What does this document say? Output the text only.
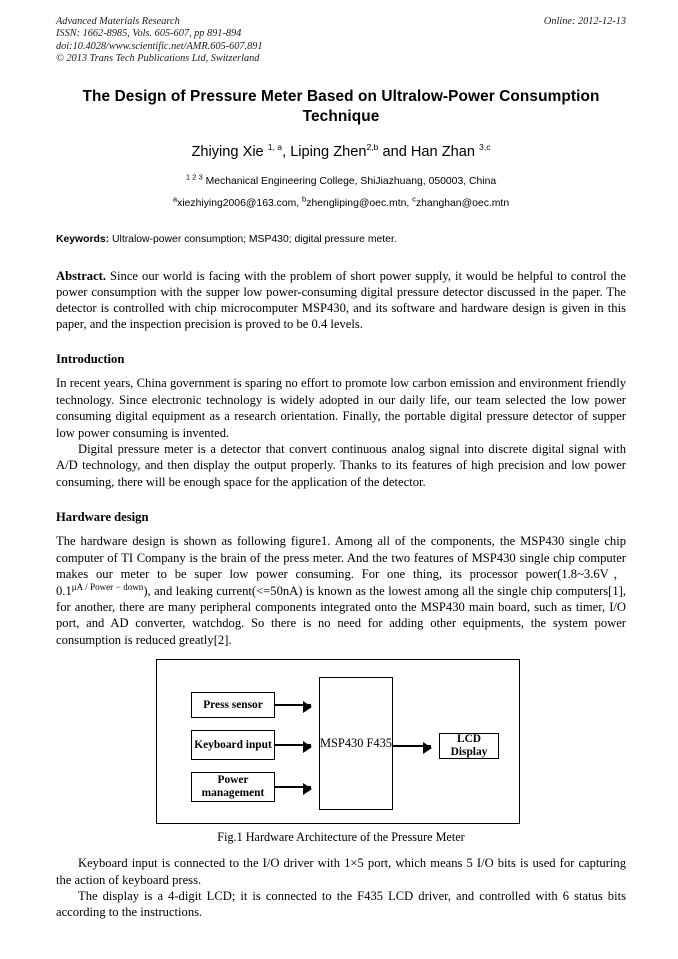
Online: 2012-12-13
Advanced Materials Research
ISSN: 1662-8985, Vols. 605-607, pp 891-894
doi:10.4028/www.scientific.net/AMR.605-607.891
© 2013 Trans Tech Publications Ltd, Switzerland
The Design of Pressure Meter Based on Ultralow-Power Consumption Technique
Zhiying Xie $^{1, a}$, Liping Zhen$^{2,b}$ and Han Zhan $^{3,c}$
$^{1 2 3}$ Mechanical Engineering College, ShiJiazhuang, 050003, China
$^a$xiezhiying2006@163.com, $^b$zhengliping@oec.mtn, $^c$zhanghan@oec.mtn
Keywords: Ultralow-power consumption; MSP430; digital pressure meter.
Abstract. Since our world is facing with the problem of short power supply, it would be helpful to control the power consumption with the supper low power-consuming digital pressure detector discussed in the paper. The detector is controlled with chip microcomputer MSP430, and its software and hardware design is given in this paper, and the inspection precision is proved to be 0.4 levels.
Introduction
In recent years, China government is sparing no effort to promote low carbon emission and environment friendly technology. Since electronic technology is widely adopted in our daily life, our team selected the low power consuming digital equipment as a research orientation. Finally, the portable digital pressure detector of supper low power consuming is invented.
Digital pressure meter is a detector that convert continuous analog signal into discrete digital signal with A/D technology, and then display the output properly. Thanks to its features of high precision and low power consuming, there will be enough space for the application of the detector.
Hardware design
The hardware design is shown as following figure1. Among all of the components, the MSP430 single chip computer of TI Company is the brain of the press meter. And the two features of MSP430 single chip computer makes our meter to be super low power consuming. For one thing, its processor power(1.8~3.6V， $0.1^{\mu A / Power - down}$), and leaking current(<=50nA) is known as the lowest among all the single chip computers[1], for another, there are many peripheral components integrated onto the MSP430 main board, such as timer, I/O port, and AD converter, watchdog. So there is no need for adding other equipments, the system power consumption is reduced greatly[2].
Press sensor
Keyboard input
Power management
MSP430 F435	LCD Display
Fig.1 Hardware Architecture of the Pressure Meter
Keyboard input is connected to the I/O driver with 1×5 port, which means 5 I/O bits is used for capturing the action of keyboard press.
The display is a 4-digit LCD; it is connected to the F435 LCD driver, and controlled with 6 status bits according to the instructions.
